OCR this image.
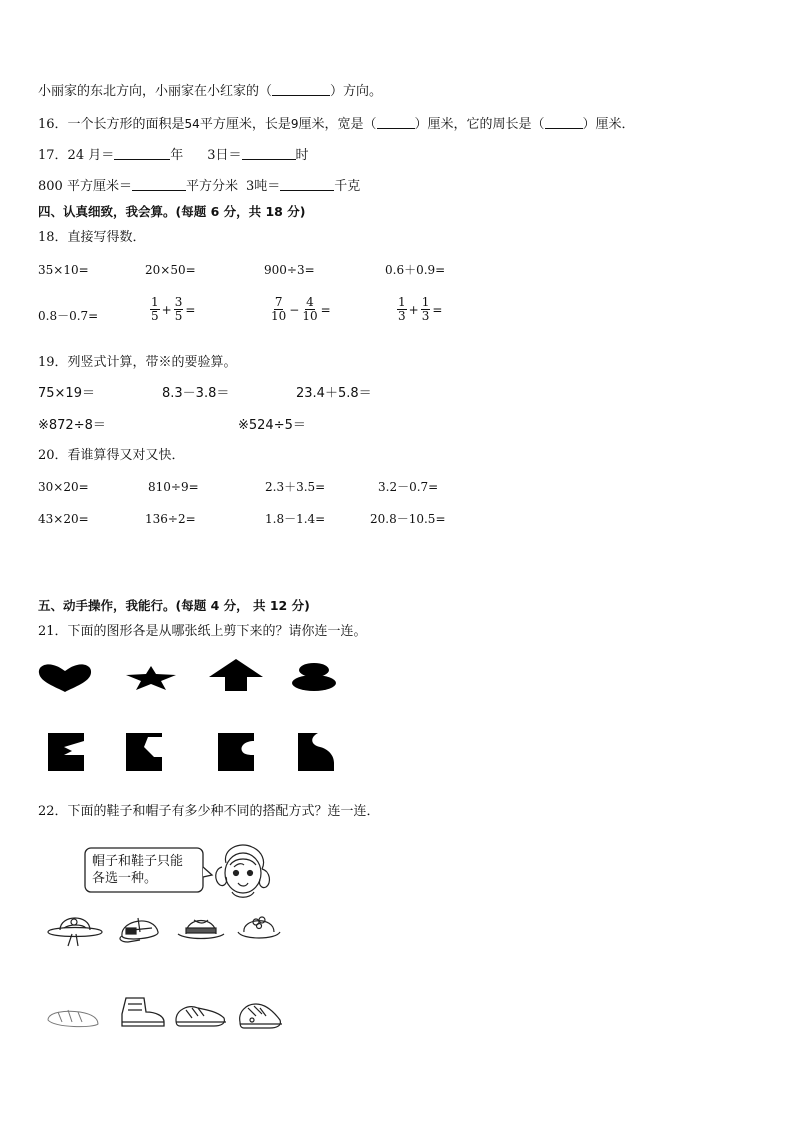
小丽家的东北方向，小丽家在小红家的（	）方向。
16．一个长方形的面积是54平方厘米，长是9厘米，宽是（	）厘米，它的周长是（	）厘米．
17．24 月＝	年 3日＝	时
800 平方厘米＝	平方分米 3吨＝	千克
四、认真细致，我会算。(每题 6 分，共 18 分)
18．直接写得数．
35×10=	20×50=	900÷3=	0.6＋0.9=
0.8－0.7=	$\frac{1}{5} + \frac{3}{5}$ =	$\frac{7}{10} - \frac{4}{10}$ =	$\frac{1}{3} + \frac{1}{3}$ =
19．列竖式计算，带※的要验算。
75×19＝	8.3－3.8＝	23.4＋5.8＝
※872÷8＝	※524÷5＝
20．看谁算得又对又快．
30×20=	810÷9=	2.3＋3.5=	3.2－0.7=
43×20=	136÷2=	1.8－1.4=	20.8－10.5=
五、动手操作，我能行。(每题 4 分， 共 12 分)
21．下面的图形各是从哪张纸上剪下来的？请你连一连。
22．下面的鞋子和帽子有多少种不同的搭配方式？连一连．
帽子和鞋子只能
各选一种。
